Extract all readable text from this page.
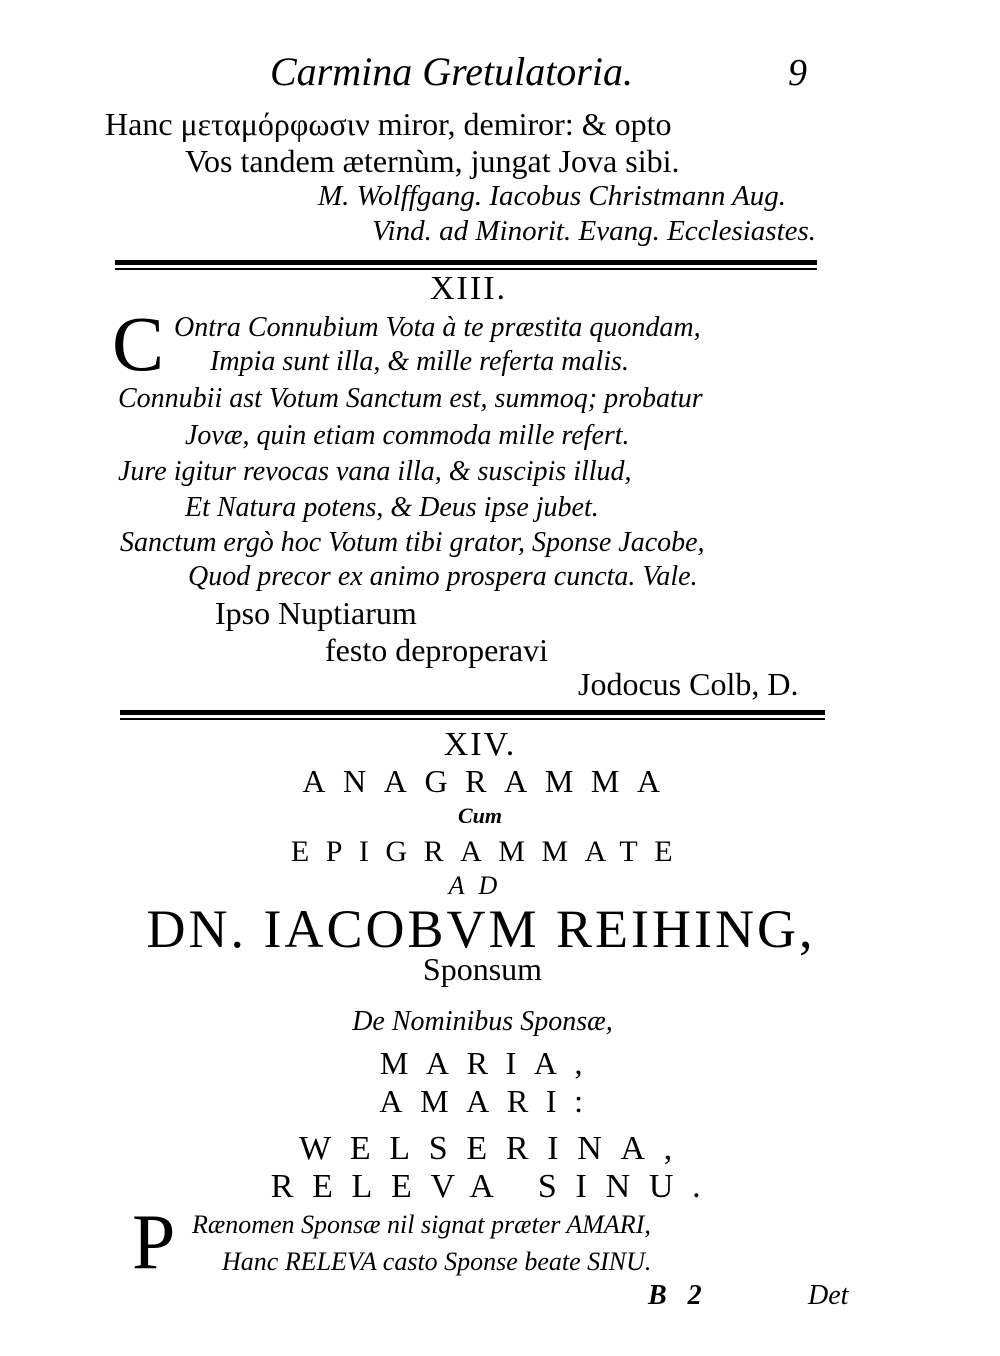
Carmina Gretulatoria.	9
Hanc μεταμόρφωσιν miror, demiror: & opto
Vos tandem æternùm, jungat Jova sibi.
M. Wolffgang. Iacobus Christmann Aug.
Vind. ad Minorit. Evang. Ecclesiastes.
XIII.
C Ontra Connubium Vota à te præstita quondam,
Impia sunt illa, & mille referta malis.
Connubii ast Votum Sanctum est, summoq; probatur
Jovæ, quin etiam commoda mille refert.
Jure igitur revocas vana illa, & suscipis illud,
Et Natura potens, & Deus ipse jubet.
Sanctum ergò hoc Votum tibi grator, Sponse Jacobe,
Quod precor ex animo prospera cuncta. Vale.
Ipso Nuptiarum
festo deproperavi
Jodocus Colb, D.
XIV.
ANAGRAMMA
Cum
EPIGRAMMATE
AD
DN. IACOBVM REIHING,
Sponsum
De Nominibus Sponsæ,
MARIA,
AMARI:
WELSERINA,
RELEVA SINU.
P Rænomen Sponsæ nil signat præter AMARI,
Hanc RELEVA casto Sponse beate SINU.
B 2	Det
